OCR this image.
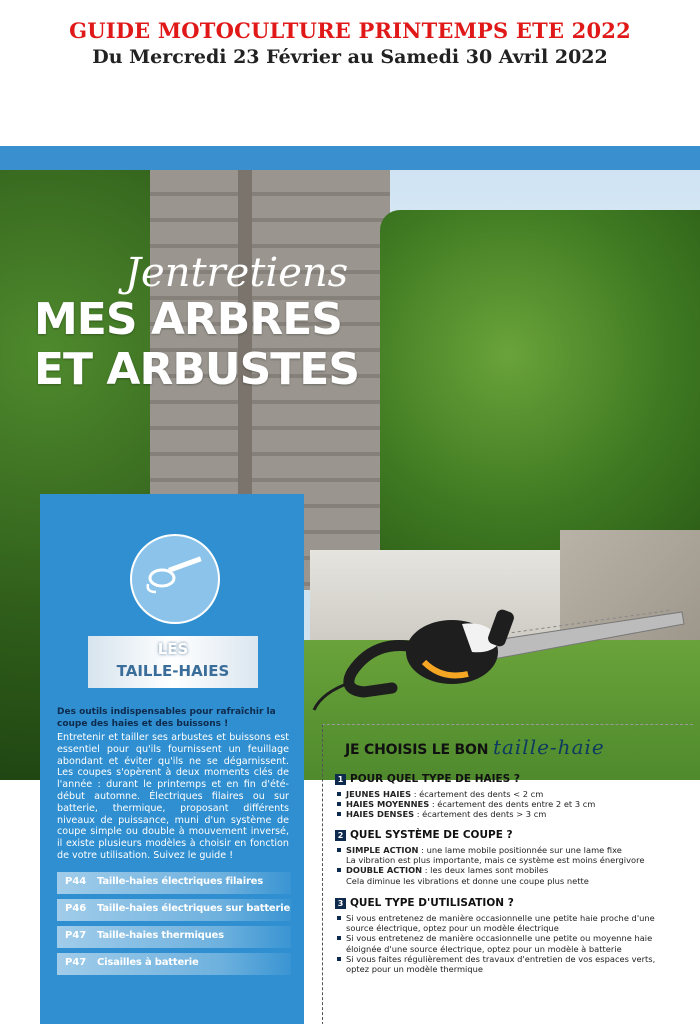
GUIDE MOTOCULTURE PRINTEMPS ETE 2022
Du Mercredi 23 Février au Samedi 30 Avril 2022
Jentretiens
MES ARBRES
ET ARBUSTES
LES
TAILLE-HAIES
Des outils indispensables pour rafraîchir la coupe des haies et des buissons !
Entretenir et tailler ses arbustes et buissons est essentiel pour qu'ils fournissent un feuillage abondant et éviter qu'ils ne se dégarnissent. Les coupes s'opèrent à deux moments clés de l'année : durant le printemps et en fin d'été-début automne. Électriques filaires ou sur batterie, thermique, proposant différents niveaux de puissance, muni d'un système de coupe simple ou double à mouvement inversé, il existe plusieurs modèles à choisir en fonction de votre utilisation. Suivez le guide !
P44 Taille-haies électriques filaires
P46 Taille-haies électriques sur batterie
P47 Taille-haies thermiques
P47 Cisailles à batterie
JE CHOISIS LE BON taille-haie
1 POUR QUEL TYPE DE HAIES ?
JEUNES HAIES : écartement des dents < 2 cm
HAIES MOYENNES : écartement des dents entre 2 et 3 cm
HAIES DENSES : écartement des dents > 3 cm
2 QUEL SYSTÈME DE COUPE ?
SIMPLE ACTION : une lame mobile positionnée sur une lame fixe
La vibration est plus importante, mais ce système est moins énergivore
DOUBLE ACTION : les deux lames sont mobiles
Cela diminue les vibrations et donne une coupe plus nette
3 QUEL TYPE D'UTILISATION ?
Si vous entretenez de manière occasionnelle une petite haie proche d'une source électrique, optez pour un modèle électrique
Si vous entretenez de manière occasionnelle une petite ou moyenne haie éloignée d'une source électrique, optez pour un modèle à batterie
Si vous faites régulièrement des travaux d'entretien de vos espaces verts, optez pour un modèle thermique
